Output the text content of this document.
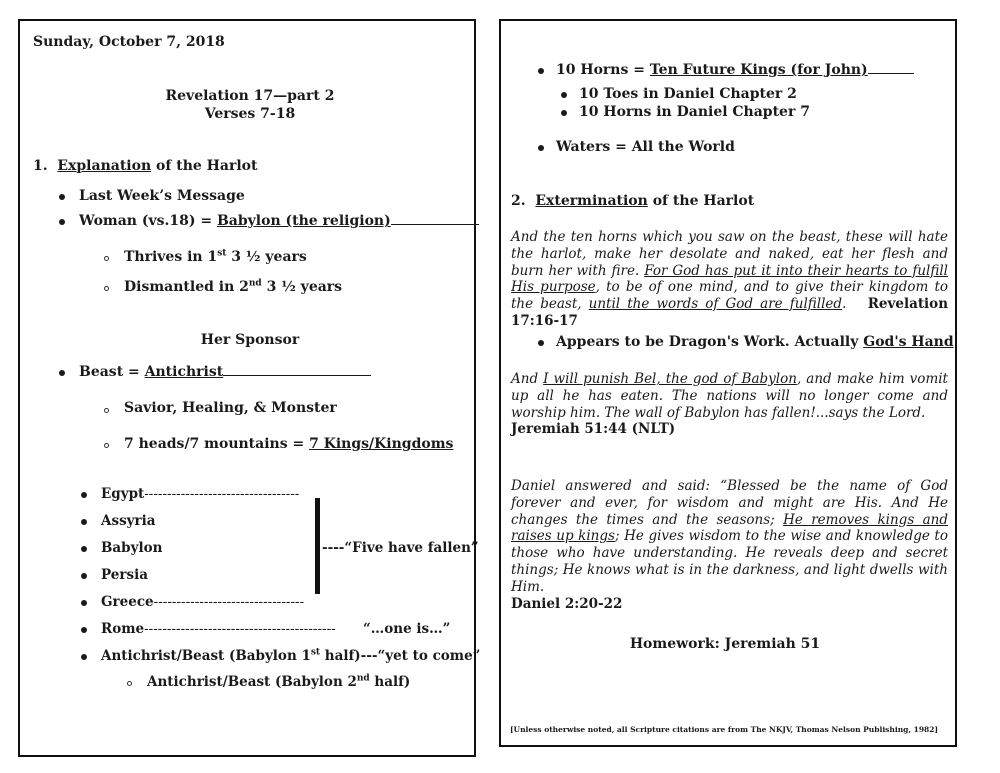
Sunday, October 7, 2018
Revelation 17—part 2
Verses 7-18
1. Explanation of the Harlot
Last Week’s Message
Woman (vs.18) = Babylon (the religion)
Thrives in 1st 3 ½ years
Dismantled in 2nd 3 ½ years
Her Sponsor
Beast = Antichrist
Savior, Healing, & Monster
7 heads/7 mountains = 7 Kings/Kingdoms
Egypt----------------------------------
Assyria
Babylon
Persia
Greece---------------------------------
----“Five have fallen”
Rome------------------------------------------ “…one is…”
Antichrist/Beast (Babylon 1st half)---“yet to come”
Antichrist/Beast (Babylon 2nd half)
10 Horns = Ten Future Kings (for John)
10 Toes in Daniel Chapter 2
10 Horns in Daniel Chapter 7
Waters = All the World
2. Extermination of the Harlot
And the ten horns which you saw on the beast, these will hate the harlot, make her desolate and naked, eat her flesh and burn her with fire. For God has put it into their hearts to fulfill His purpose, to be of one mind, and to give their kingdom to the beast, until the words of God are fulfilled. Revelation 17:16-17
Appears to be Dragon's Work. Actually God's Hand
And I will punish Bel, the god of Babylon, and make him vomit up all he has eaten. The nations will no longer come and worship him. The wall of Babylon has fallen!...says the Lord.
Jeremiah 51:44 (NLT)
Daniel answered and said: “Blessed be the name of God forever and ever, for wisdom and might are His. And He changes the times and the seasons; He removes kings and raises up kings; He gives wisdom to the wise and knowledge to those who have understanding. He reveals deep and secret things; He knows what is in the darkness, and light dwells with Him.
Daniel 2:20-22
Homework: Jeremiah 51
[Unless otherwise noted, all Scripture citations are from The NKJV, Thomas Nelson Publishing, 1982]
